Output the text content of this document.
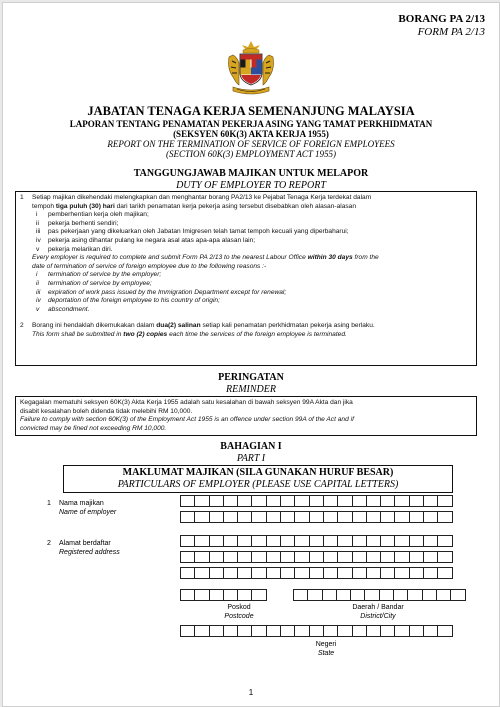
BORANG PA 2/13
FORM PA 2/13
JABATAN TENAGA KERJA SEMENANJUNG MALAYSIA
LAPORAN TENTANG PENAMATAN PEKERJA ASING YANG TAMAT PERKHIDMATAN
(SEKSYEN 60K(3) AKTA KERJA 1955)
REPORT ON THE TERMINATION OF SERVICE OF FOREIGN EMPLOYEES
(SECTION 60K(3) EMPLOYMENT ACT 1955)
TANGGUNGJAWAB MAJIKAN UNTUK MELAPOR
DUTY OF EMPLOYER TO REPORT
1 Setiap majikan dikehendaki melengkapkan dan menghantar borang PA2/13 ke Pejabat Tenaga Kerja terdekat dalam
tempoh tiga puluh (30) hari dari tarikh penamatan kerja pekerja asing tersebut disebabkan oleh alasan-alasan
i pemberhentian kerja oleh majikan;
ii pekerja berhenti sendiri;
iii pas pekerjaan yang dikeluarkan oleh Jabatan Imigresen telah tamat tempoh kecuali yang diperbaharui;
iv pekerja asing dihantar pulang ke negara asal atas apa-apa alasan lain;
v pekerja melarikan diri.
Every employer is required to complete and submit Form PA 2/13 to the nearest Labour Office within 30 days from the
date of termination of service of foreign employee due to the following reasons :-
i termination of service by the employer;
ii termination of service by employee;
iii expiration of work pass issued by the Immigration Department except for renewal;
iv deportation of the foreign employee to his country of origin;
v abscondment.
2 Borang ini hendaklah dikemukakan dalam dua(2) salinan setiap kali penamatan perkhidmatan pekerja asing berlaku.
This form shall be submitted in two (2) copies each time the services of the foreign employee is terminated.
PERINGATAN
REMINDER
Kegagalan mematuhi seksyen 60K(3) Akta Kerja 1955 adalah satu kesalahan di bawah seksyen 99A Akta dan jika
disabit kesalahan boleh didenda tidak melebihi RM 10,000.
Failure to comply with section 60K(3) of the Employment Act 1955 is an offence under section 99A of the Act and if
convicted may be fined not exceeding RM 10,000.
BAHAGIAN I
PART I
MAKLUMAT MAJIKAN (SILA GUNAKAN HURUF BESAR)
PARTICULARS OF EMPLOYER (PLEASE USE CAPITAL LETTERS)
1 Nama majikan
Name of employer
2 Alamat berdaftar
Registered address
Poskod
Postcode
Daerah / Bandar
District/City
Negeri
State
1
